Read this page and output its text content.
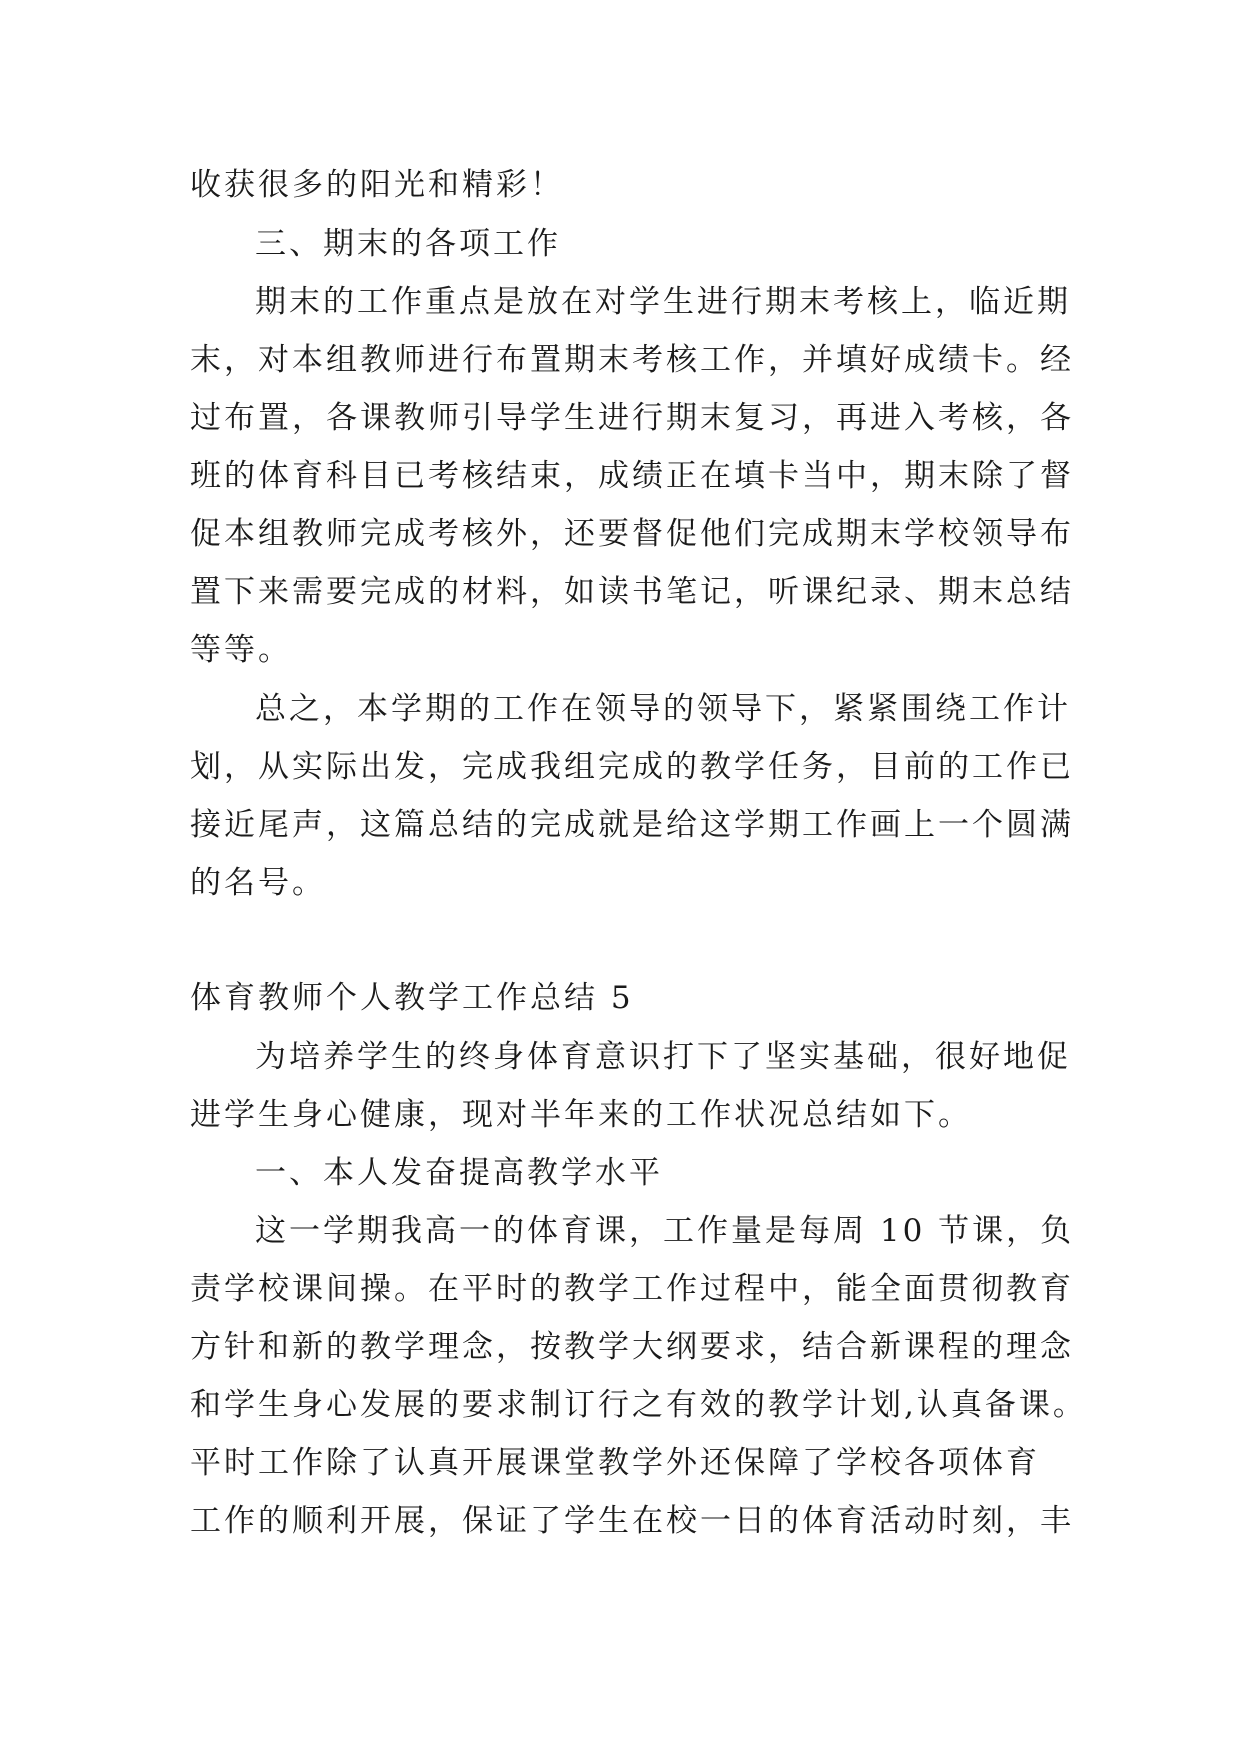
收获很多的阳光和精彩！
三、期末的各项工作
期末的工作重点是放在对学生进行期末考核上，临近期
末，对本组教师进行布置期末考核工作，并填好成绩卡。经
过布置，各课教师引导学生进行期末复习，再进入考核，各
班的体育科目已考核结束，成绩正在填卡当中，期末除了督
促本组教师完成考核外，还要督促他们完成期末学校领导布
置下来需要完成的材料，如读书笔记，听课纪录、期末总结
等等。
总之，本学期的工作在领导的领导下，紧紧围绕工作计
划，从实际出发，完成我组完成的教学任务，目前的工作已
接近尾声，这篇总结的完成就是给这学期工作画上一个圆满
的名号。
体育教师个人教学工作总结 5
为培养学生的终身体育意识打下了坚实基础，很好地促
进学生身心健康，现对半年来的工作状况总结如下。
一、本人发奋提高教学水平
这一学期我高一的体育课，工作量是每周 10 节课，负
责学校课间操。在平时的教学工作过程中，能全面贯彻教育
方针和新的教学理念，按教学大纲要求，结合新课程的理念
和学生身心发展的要求制订行之有效的教学计划,认真备课。
平时工作除了认真开展课堂教学外还保障了学校各项体育
工作的顺利开展，保证了学生在校一日的体育活动时刻，丰
